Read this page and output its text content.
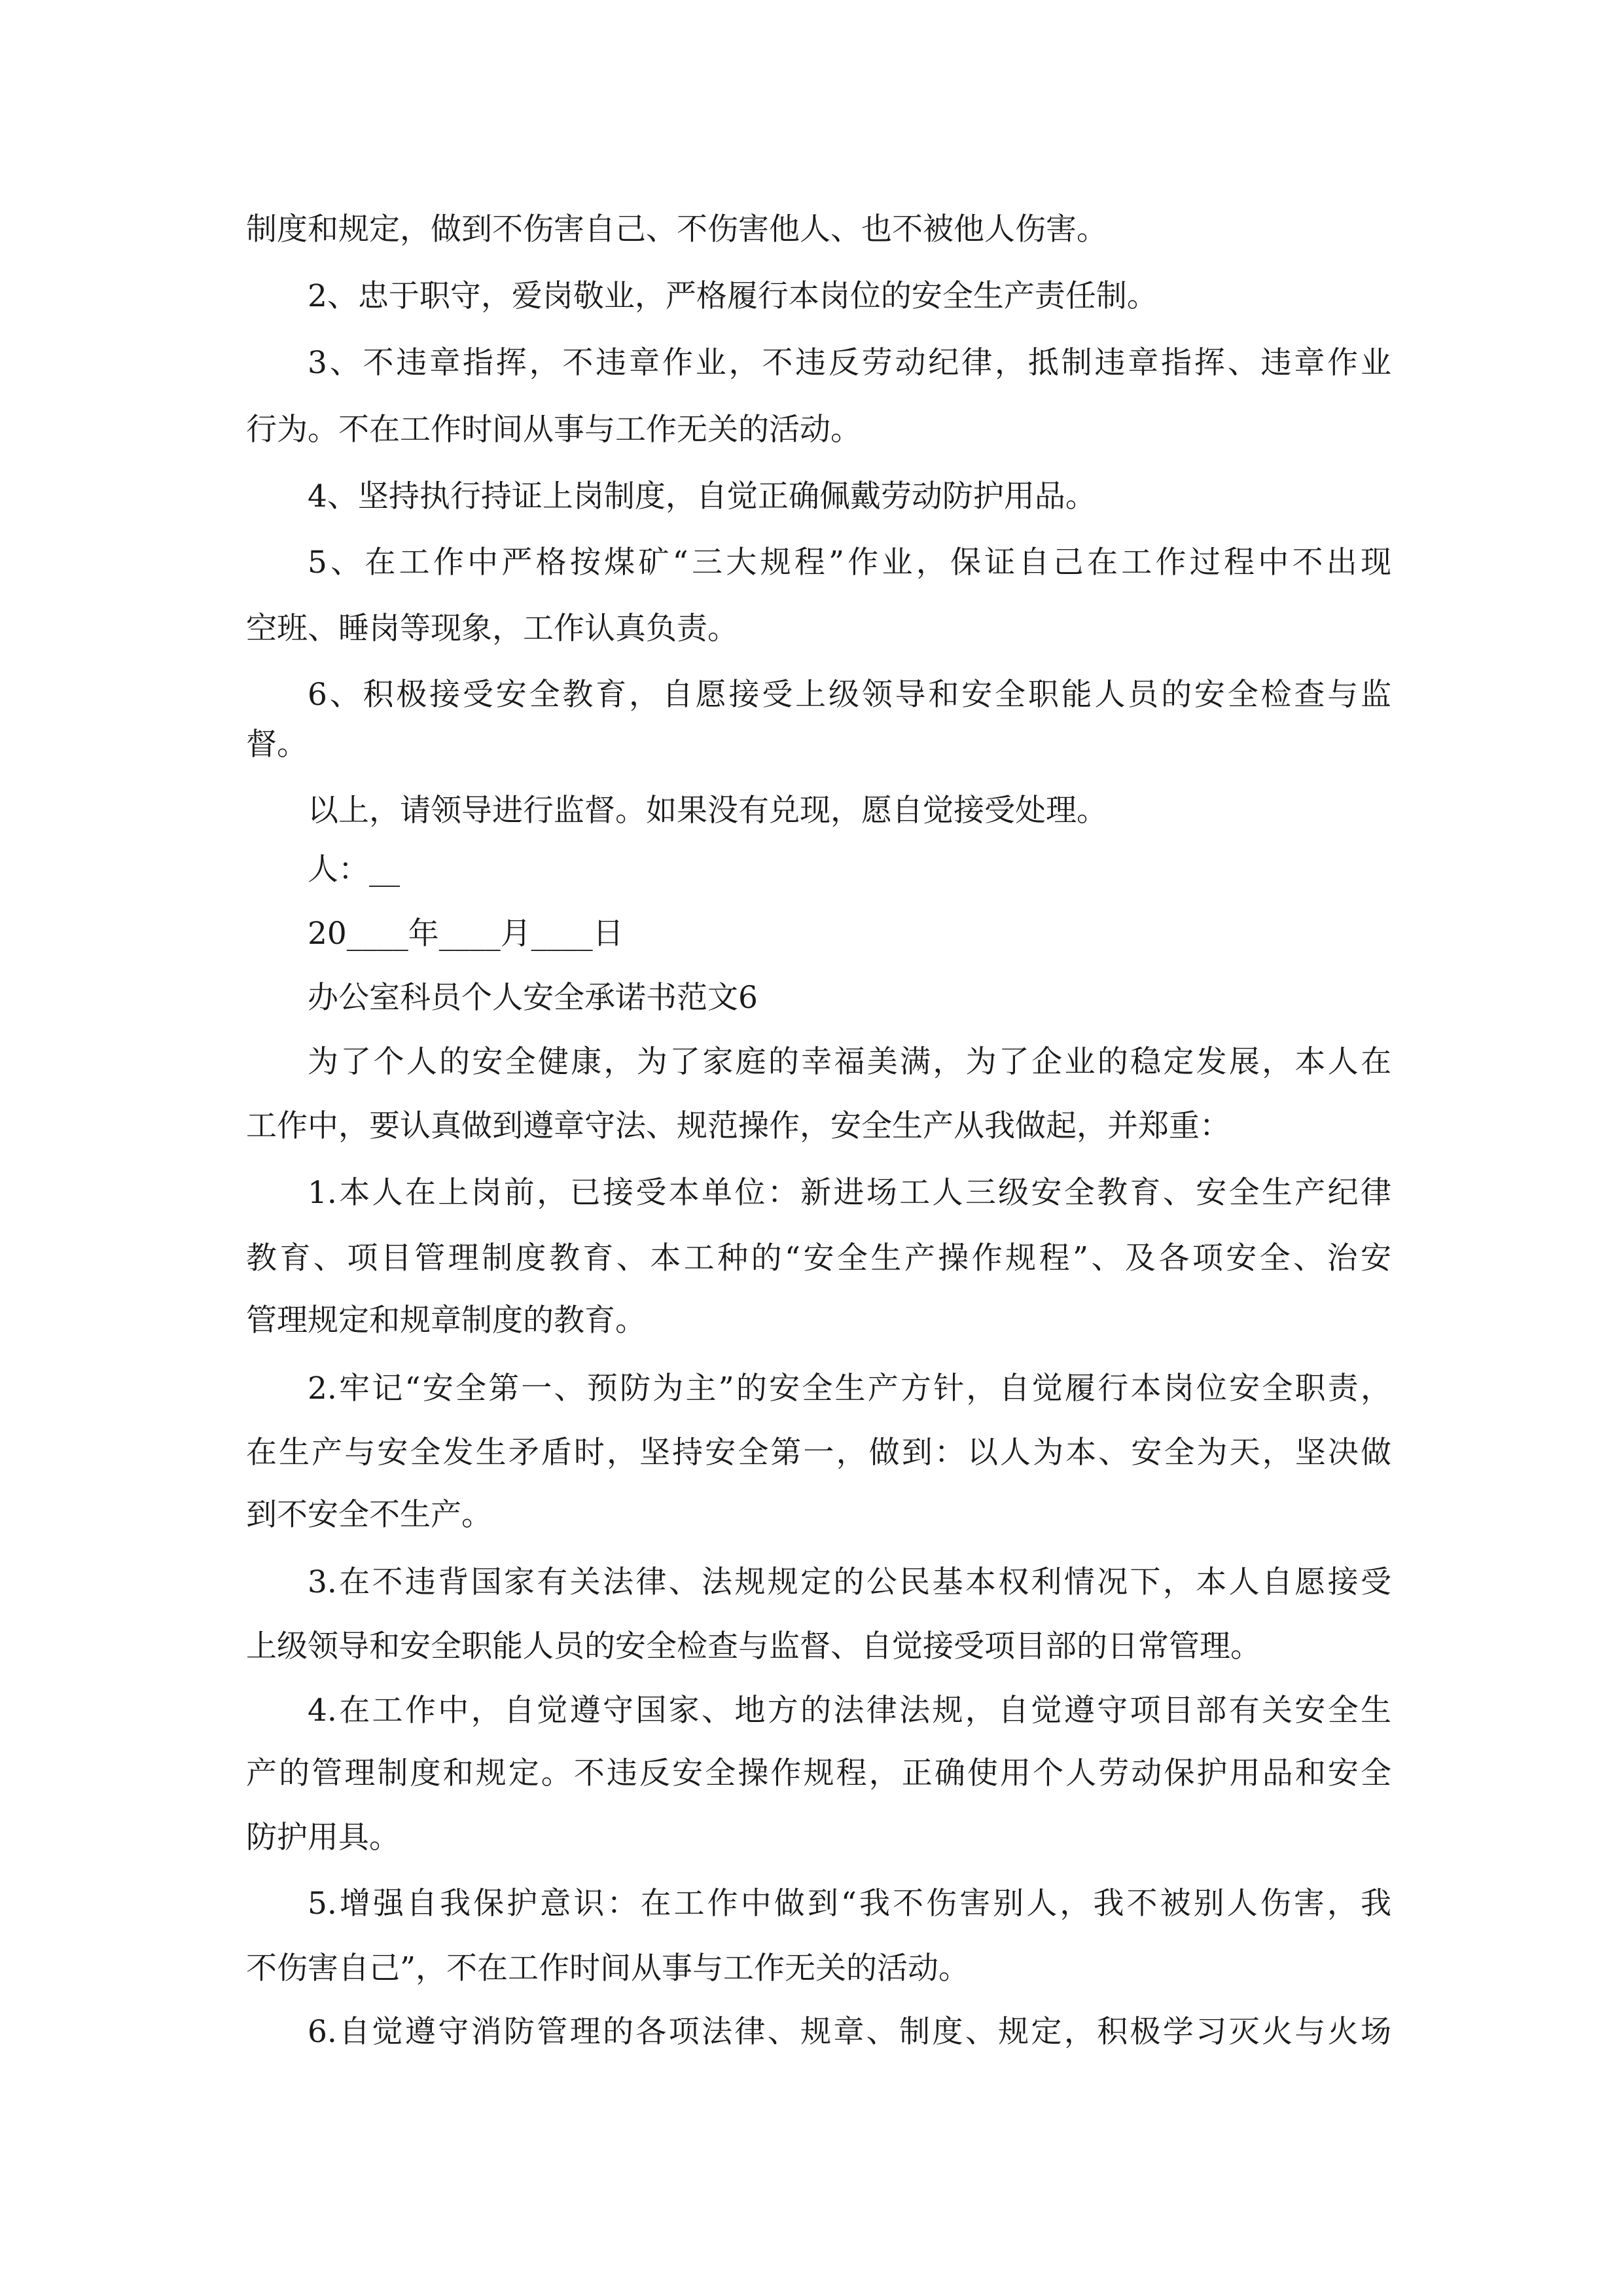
制度和规定，做到不伤害自己、不伤害他人、也不被他人伤害。
2、忠于职守，爱岗敬业，严格履行本岗位的安全生产责任制。
3、不违章指挥，不违章作业，不违反劳动纪律，抵制违章指挥、违章作业
行为。不在工作时间从事与工作无关的活动。
4、坚持执行持证上岗制度，自觉正确佩戴劳动防护用品。
5、在工作中严格按煤矿“三大规程”作业，保证自己在工作过程中不出现
空班、睡岗等现象，工作认真负责。
6、积极接受安全教育，自愿接受上级领导和安全职能人员的安全检查与监
督。
以上，请领导进行监督。如果没有兑现，愿自觉接受处理。
人：__
20____年____月____日
办公室科员个人安全承诺书范文6
为了个人的安全健康，为了家庭的幸福美满，为了企业的稳定发展，本人在
工作中，要认真做到遵章守法、规范操作，安全生产从我做起，并郑重：
1.本人在上岗前，已接受本单位：新进场工人三级安全教育、安全生产纪律
教育、项目管理制度教育、本工种的“安全生产操作规程”、及各项安全、治安
管理规定和规章制度的教育。
2.牢记“安全第一、预防为主”的安全生产方针，自觉履行本岗位安全职责，
在生产与安全发生矛盾时，坚持安全第一，做到：以人为本、安全为天，坚决做
到不安全不生产。
3.在不违背国家有关法律、法规规定的公民基本权利情况下，本人自愿接受
上级领导和安全职能人员的安全检查与监督、自觉接受项目部的日常管理。
4.在工作中，自觉遵守国家、地方的法律法规，自觉遵守项目部有关安全生
产的管理制度和规定。不违反安全操作规程，正确使用个人劳动保护用品和安全
防护用具。
5.增强自我保护意识：在工作中做到“我不伤害别人，我不被别人伤害，我
不伤害自己”，不在工作时间从事与工作无关的活动。
6.自觉遵守消防管理的各项法律、规章、制度、规定，积极学习灭火与火场
